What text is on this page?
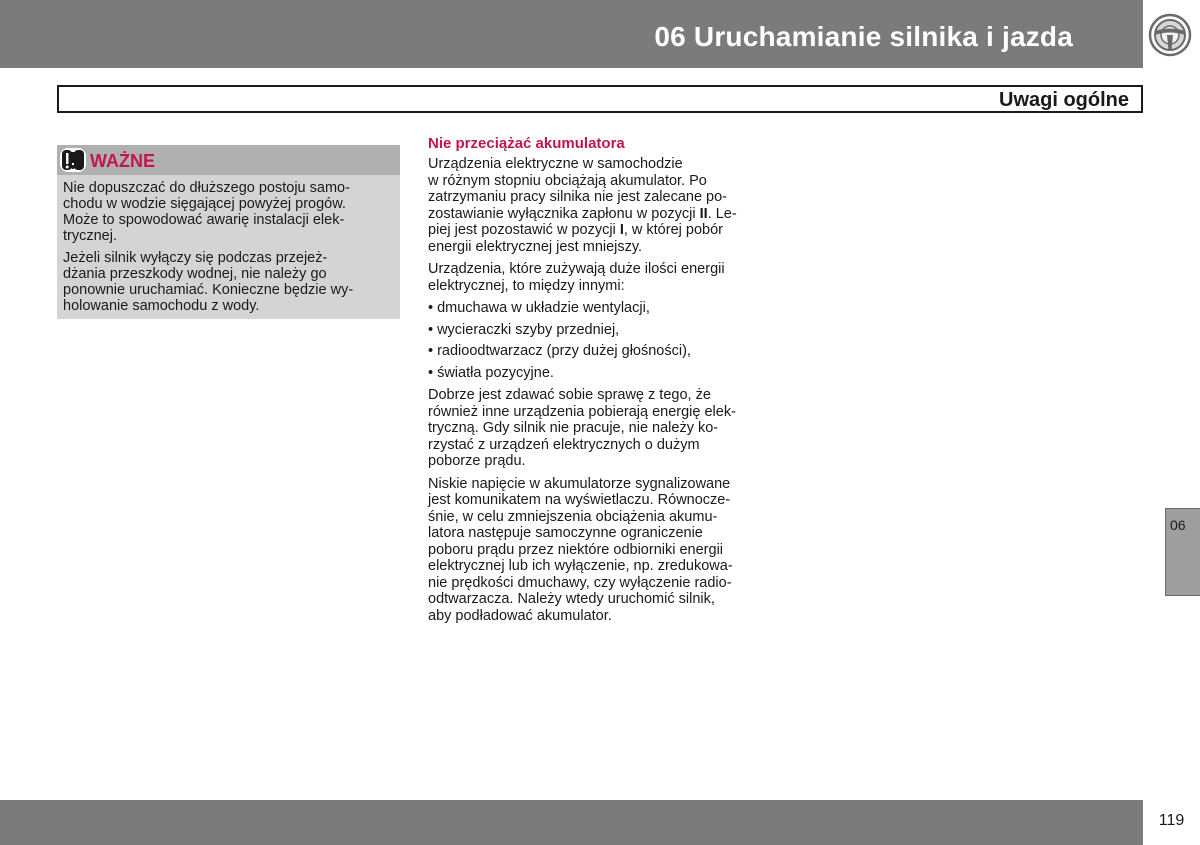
06 Uruchamianie silnika i jazda
Uwagi ogólne
WAŻNE

Nie dopuszczać do dłuższego postoju samo-
chodu w wodzie sięgającej powyżej progów.
Może to spowodować awarię instalacji elek-
trycznej.

Jeżeli silnik wyłączy się podczas przejeż-
dżania przeszkody wodnej, nie należy go
ponownie uruchamiać. Konieczne będzie wy-
holowanie samochodu z wody.

Nie przeciążać akumulatora

Urządzenia elektryczne w samochodzie
w różnym stopniu obciążają akumulator. Po
zatrzymaniu pracy silnika nie jest zalecane po-
zostawianie wyłącznika zapłonu w pozycji II. Le-
piej jest pozostawić w pozycji I, w której pobór
energii elektrycznej jest mniejszy.

Urządzenia, które zużywają duże ilości energii
elektrycznej, to między innymi:

• dmuchawa w układzie wentylacji,
• wycieraczki szyby przedniej,
• radioodtwarzacz (przy dużej głośności),
• światła pozycyjne.

Dobrze jest zdawać sobie sprawę z tego, że
również inne urządzenia pobierają energię elek-
tryczną. Gdy silnik nie pracuje, nie należy ko-
rzystać z urządzeń elektrycznych o dużym
poborze prądu.

Niskie napięcie w akumulatorze sygnalizowane
jest komunikatem na wyświetlaczu. Równocze-
śnie, w celu zmniejszenia obciążenia akumu-
latora następuje samoczynne ograniczenie
poboru prądu przez niektóre odbiorniki energii
elektrycznej lub ich wyłączenie, np. zredukowa-
nie prędkości dmuchawy, czy wyłączenie radio-
odtwarzacza. Należy wtedy uruchomić silnik,
aby podładować akumulator.

06
119
